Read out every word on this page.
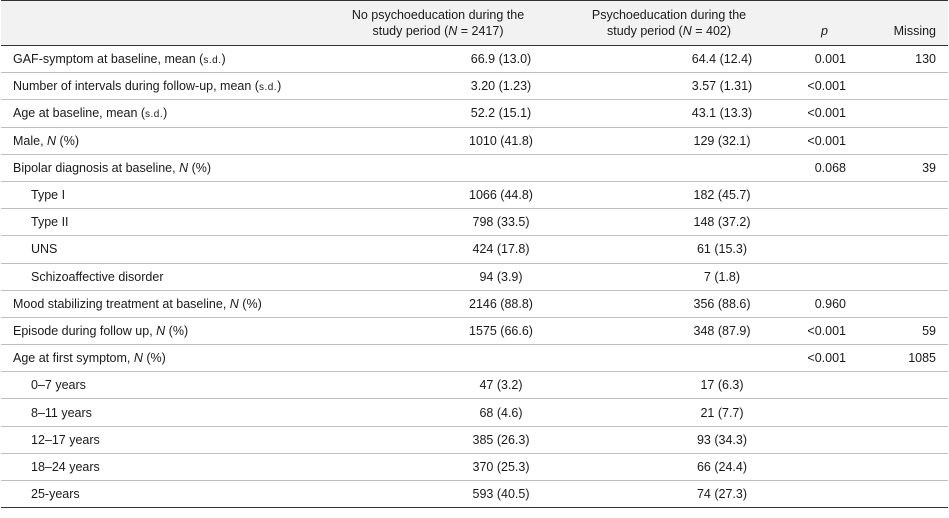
	No psychoeducation during the
study period (N = 2417)	Psychoeducation during the
study period (N = 402)	p	Missing
GAF-symptom at baseline, mean (s.d.)	66.9 (13.0)	64.4 (12.4)	0.001	130
Number of intervals during follow-up, mean (s.d.)	3.20 (1.23)	3.57 (1.31)	<0.001	
Age at baseline, mean (s.d.)	52.2 (15.1)	43.1 (13.3)	<0.001	
Male, N (%)	1010 (41.8)	129 (32.1)	<0.001	
Bipolar diagnosis at baseline, N (%)			0.068	39
Type I	1066 (44.8)	182 (45.7)		
Type II	798 (33.5)	148 (37.2)		
UNS	424 (17.8)	61 (15.3)		
Schizoaffective disorder	94 (3.9)	7 (1.8)		
Mood stabilizing treatment at baseline, N (%)	2146 (88.8)	356 (88.6)	0.960	
Episode during follow up, N (%)	1575 (66.6)	348 (87.9)	<0.001	59
Age at first symptom, N (%)			<0.001	1085
0–7 years	47 (3.2)	17 (6.3)		
8–11 years	68 (4.6)	21 (7.7)		
12–17 years	385 (26.3)	93 (34.3)		
18–24 years	370 (25.3)	66 (24.4)		
25-years	593 (40.5)	74 (27.3)		
